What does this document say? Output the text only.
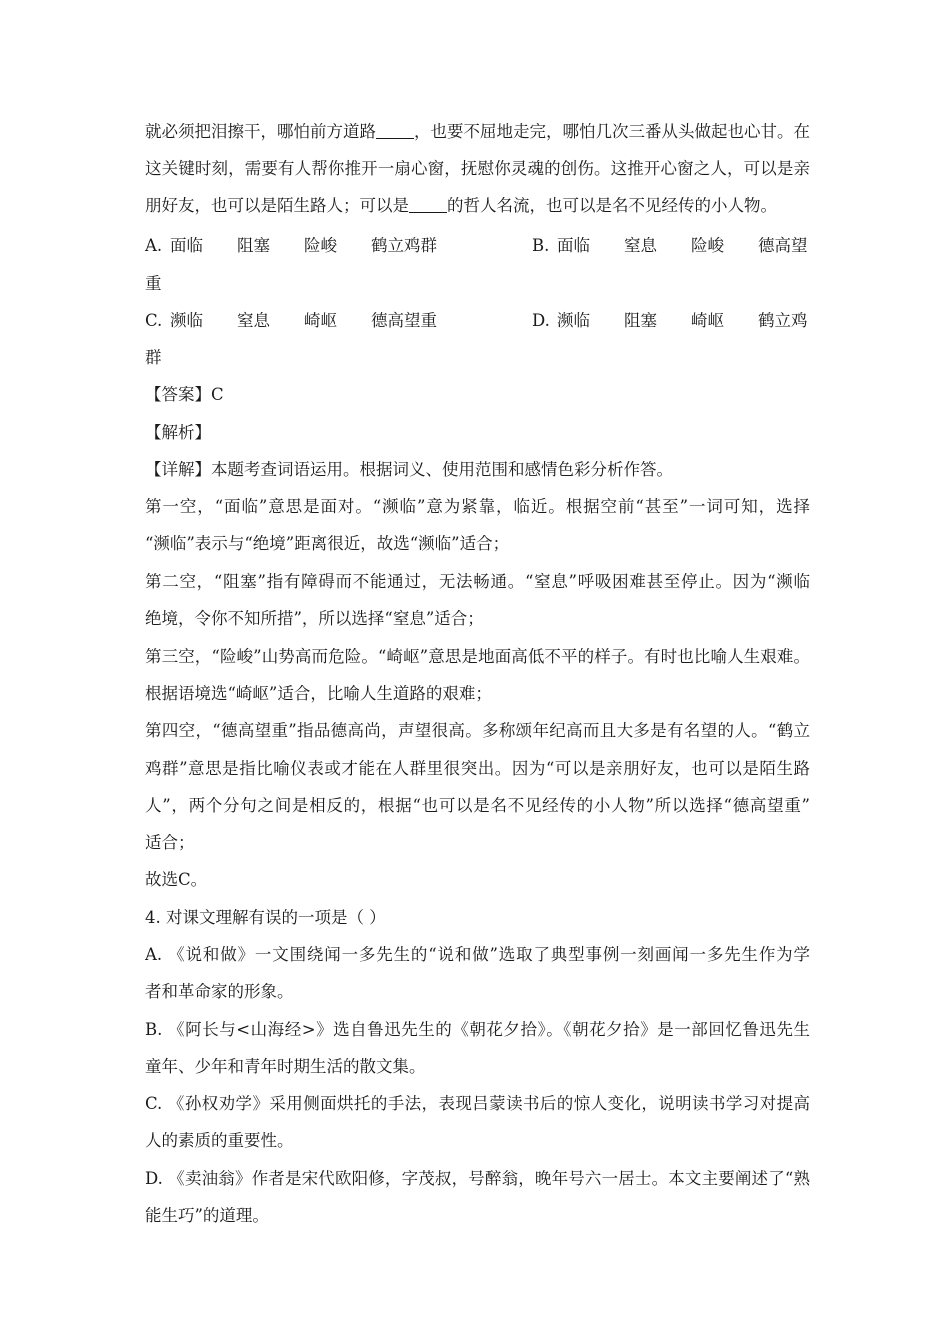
就必须把泪擦干，哪怕前方道路 ，也要不屈地走完，哪怕几次三番从头做起也心甘。在
这关键时刻，需要有人帮你推开一扇心窗，抚慰你灵魂的创伤。这推开心窗之人，可以是亲
朋好友，也可以是陌生路人；可以是 的哲人名流，也可以是名不见经传的小人物。
A. 面临 阻塞 险峻 鹤立鸡群	B. 面临 窒息 险峻 德高望
重
C. 濒临 窒息 崎岖 德高望重	D. 濒临 阻塞 崎岖 鹤立鸡
群
【答案】C
【解析】
【详解】本题考查词语运用。根据词义、使用范围和感情色彩分析作答。
第一空，“面临”意思是面对。“濒临”意为紧靠，临近。根据空前“甚至”一词可知，选择
“濒临”表示与“绝境”距离很近，故选“濒临”适合；
第二空，“阻塞”指有障碍而不能通过，无法畅通。“窒息”呼吸困难甚至停止。因为“濒临
绝境，令你不知所措”，所以选择“窒息”适合；
第三空，“险峻”山势高而危险。“崎岖”意思是地面高低不平的样子。有时也比喻人生艰难。
根据语境选“崎岖”适合，比喻人生道路的艰难；
第四空，“德高望重”指品德高尚，声望很高。多称颂年纪高而且大多是有名望的人。“鹤立
鸡群”意思是指比喻仪表或才能在人群里很突出。因为“可以是亲朋好友，也可以是陌生路
人”，两个分句之间是相反的，根据“也可以是名不见经传的小人物”所以选择“德高望重”
适合；
故选C。
4. 对课文理解有误的一项是（ ）
A. 《说和做》一文围绕闻一多先生的“说和做”选取了典型事例一刻画闻一多先生作为学
者和革命家的形象。
B. 《阿长与<山海经>》选自鲁迅先生的《朝花夕拾》。《朝花夕拾》是一部回忆鲁迅先生
童年、少年和青年时期生活的散文集。
C. 《孙权劝学》采用侧面烘托的手法，表现吕蒙读书后的惊人变化，说明读书学习对提高
人的素质的重要性。
D. 《卖油翁》作者是宋代欧阳修，字茂叔，号醉翁，晚年号六一居士。本文主要阐述了“熟
能生巧”的道理。
